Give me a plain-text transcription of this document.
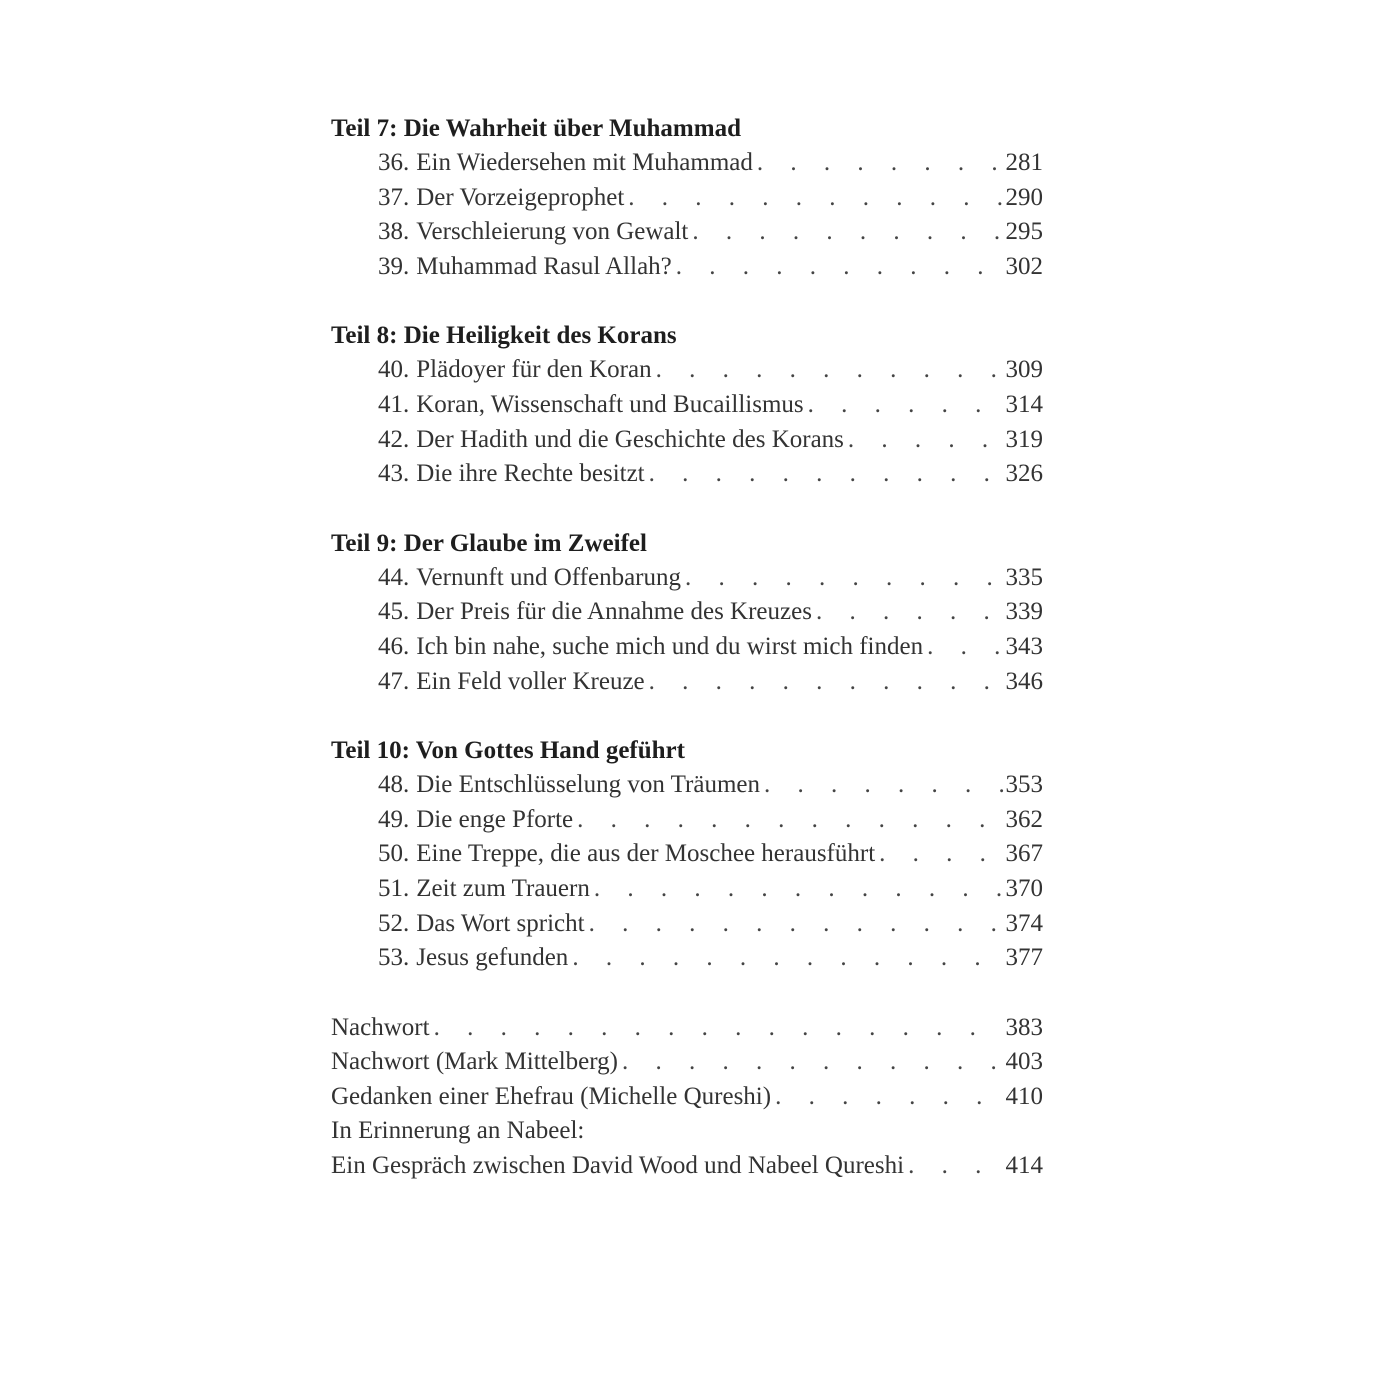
Teil 7: Die Wahrheit über Muhammad
36. Ein Wiedersehen mit Muhammad . . .	281
37. Der Vorzeigeprophet . . .	290
38. Verschleierung von Gewalt . . .	295
39. Muhammad Rasul Allah? . . .	302
Teil 8: Die Heiligkeit des Korans
40. Plädoyer für den Koran . . .	309
41. Koran, Wissenschaft und Bucaillismus . . .	314
42. Der Hadith und die Geschichte des Korans . . .	319
43. Die ihre Rechte besitzt . . .	326
Teil 9: Der Glaube im Zweifel
44. Vernunft und Offenbarung . . .	335
45. Der Preis für die Annahme des Kreuzes . . .	339
46. Ich bin nahe, suche mich und du wirst mich finden . . .	343
47. Ein Feld voller Kreuze . . .	346
Teil 10: Von Gottes Hand geführt
48. Die Entschlüsselung von Träumen . . .	353
49. Die enge Pforte . . .	362
50. Eine Treppe, die aus der Moschee herausführt . . .	367
51. Zeit zum Trauern . . .	370
52. Das Wort spricht . . .	374
53. Jesus gefunden . . .	377
Nachwort . . .	383
Nachwort (Mark Mittelberg) . . .	403
Gedanken einer Ehefrau (Michelle Qureshi) . . .	410
In Erinnerung an Nabeel:
Ein Gespräch zwischen David Wood und Nabeel Qureshi . . .	414
